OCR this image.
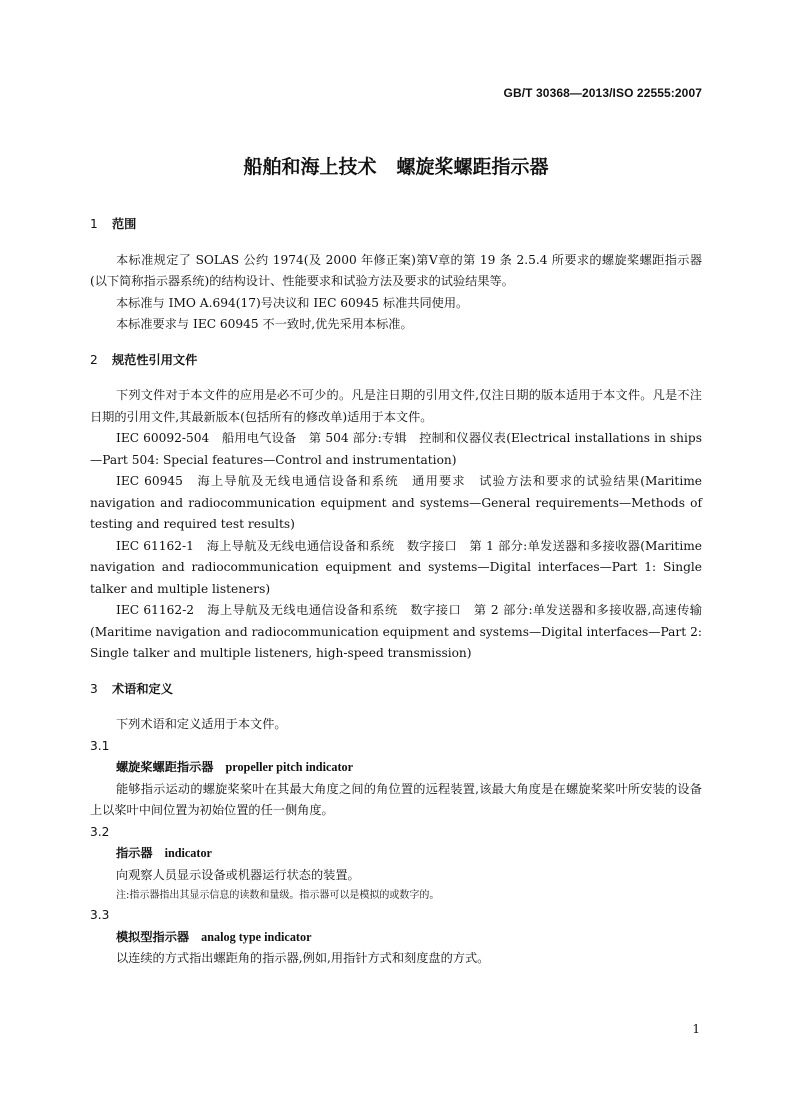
GB/T 30368—2013/ISO 22555:2007
船舶和海上技术 螺旋桨螺距指示器
1 范围

本标准规定了 SOLAS 公约 1974(及 2000 年修正案)第Ⅴ章的第 19 条 2.5.4 所要求的螺旋桨螺距指示器(以下简称指示器系统)的结构设计、性能要求和试验方法及要求的试验结果等。

本标准与 IMO A.694(17)号决议和 IEC 60945 标准共同使用。

本标准要求与 IEC 60945 不一致时,优先采用本标准。

2 规范性引用文件

下列文件对于本文件的应用是必不可少的。凡是注日期的引用文件,仅注日期的版本适用于本文件。凡是不注日期的引用文件,其最新版本(包括所有的修改单)适用于本文件。

IEC 60092-504　船用电气设备　第 504 部分:专辑　控制和仪器仪表(Electrical installations in ships—Part 504: Special features—Control and instrumentation)

IEC 60945　海上导航及无线电通信设备和系统　通用要求　试验方法和要求的试验结果(Maritime navigation and radiocommunication equipment and systems—General requirements—Methods of testing and required test results)

IEC 61162-1　海上导航及无线电通信设备和系统　数字接口　第 1 部分:单发送器和多接收器(Maritime navigation and radiocommunication equipment and systems—Digital interfaces—Part 1: Single talker and multiple listeners)

IEC 61162-2　海上导航及无线电通信设备和系统　数字接口　第 2 部分:单发送器和多接收器,高速传输(Maritime navigation and radiocommunication equipment and systems—Digital interfaces—Part 2: Single talker and multiple listeners, high-speed transmission)

3 术语和定义

下列术语和定义适用于本文件。

3.1
螺旋桨螺距指示器 propeller pitch indicator

能够指示运动的螺旋桨桨叶在其最大角度之间的角位置的远程装置,该最大角度是在螺旋桨桨叶所安装的设备上以桨叶中间位置为初始位置的任一侧角度。

3.2
指示器 indicator

向观察人员显示设备或机器运行状态的装置。

注:指示器指出其显示信息的读数和量级。指示器可以是模拟的或数字的。
3.3
模拟型指示器 analog type indicator

以连续的方式指出螺距角的指示器,例如,用指针方式和刻度盘的方式。

1
